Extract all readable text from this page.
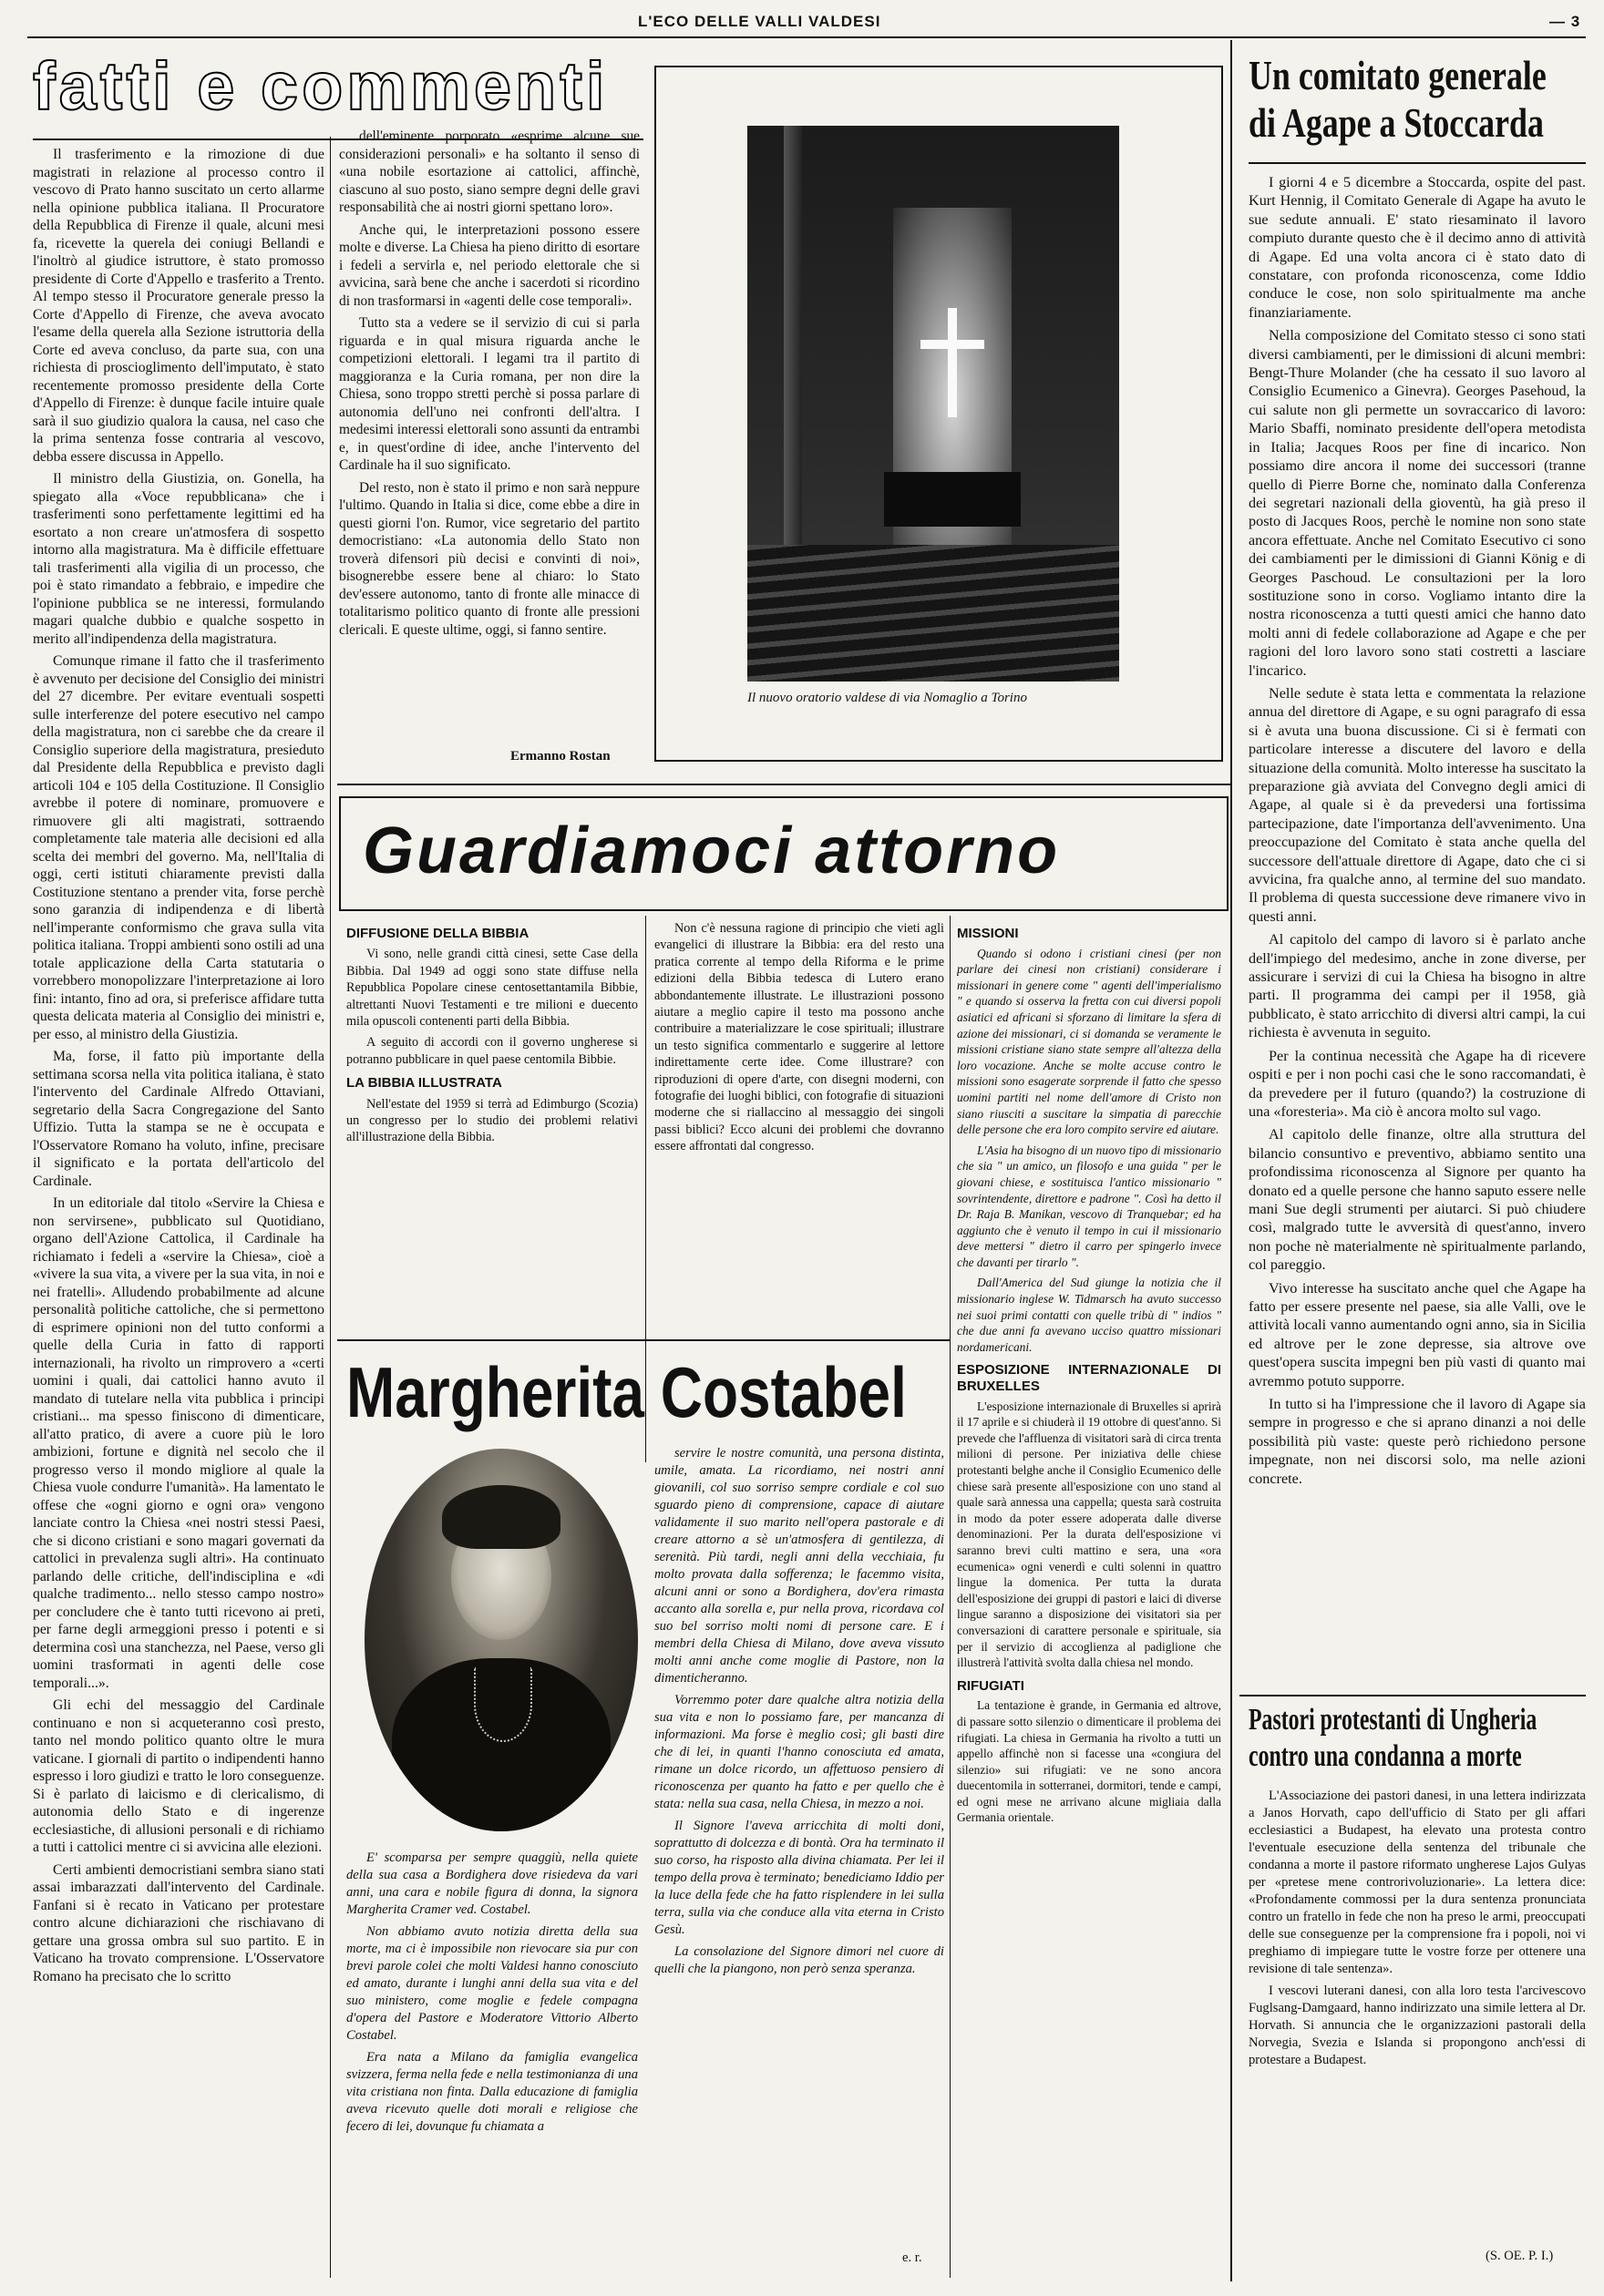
L'ECO DELLE VALLI VALDESI	— 3
fatti e commenti

Il trasferimento e la rimozione di due magistrati in relazione al processo contro il vescovo di Prato hanno suscitato un certo allarme nella opinione pubblica italiana. Il Procuratore della Repubblica di Firenze il quale, alcuni mesi fa, ricevette la querela dei coniugi Bellandi e l'inoltrò al giudice istruttore, è stato promosso presidente di Corte d'Appello e trasferito a Trento. Al tempo stesso il Procuratore generale presso la Corte d'Appello di Firenze, che aveva avocato l'esame della querela alla Sezione istruttoria della Corte ed aveva concluso, da parte sua, con una richiesta di proscioglimento dell'imputato, è stato recentemente promosso presidente della Corte d'Appello di Firenze: è dunque facile intuire quale sarà il suo giudizio qualora la causa, nel caso che la prima sentenza fosse contraria al vescovo, debba essere discussa in Appello.

Il ministro della Giustizia, on. Gonella, ha spiegato alla «Voce repubblicana» che i trasferimenti sono perfettamente legittimi ed ha esortato a non creare un'atmosfera di sospetto intorno alla magistratura. Ma è difficile effettuare tali trasferimenti alla vigilia di un processo, che poi è stato rimandato a febbraio, e impedire che l'opinione pubblica se ne interessi, formulando magari qualche dubbio e qualche sospetto in merito all'indipendenza della magistratura.

Comunque rimane il fatto che il trasferimento è avvenuto per decisione del Consiglio dei ministri del 27 dicembre. Per evitare eventuali sospetti sulle interferenze del potere esecutivo nel campo della magistratura, non ci sarebbe che da creare il Consiglio superiore della magistratura, presieduto dal Presidente della Repubblica e previsto dagli articoli 104 e 105 della Costituzione. Il Consiglio avrebbe il potere di nominare, promuovere e rimuovere gli alti magistrati, sottraendo completamente tale materia alle decisioni ed alla scelta dei membri del governo. Ma, nell'Italia di oggi, certi istituti chiaramente previsti dalla Costituzione stentano a prender vita, forse perchè sono garanzia di indipendenza e di libertà nell'imperante conformismo che grava sulla vita politica italiana. Troppi ambienti sono ostili ad una totale applicazione della Carta statutaria o vorrebbero monopolizzare l'interpretazione ai loro fini: intanto, fino ad ora, si preferisce affidare tutta questa delicata materia al Consiglio dei ministri e, per esso, al ministro della Giustizia.

Ma, forse, il fatto più importante della settimana scorsa nella vita politica italiana, è stato l'intervento del Cardinale Alfredo Ottaviani, segretario della Sacra Congregazione del Santo Uffizio. Tutta la stampa se ne è occupata e l'Osservatore Romano ha voluto, infine, precisare il significato e la portata dell'articolo del Cardinale.

In un editoriale dal titolo «Servire la Chiesa e non servirsene», pubblicato sul Quotidiano, organo dell'Azione Cattolica, il Cardinale ha richiamato i fedeli a «servire la Chiesa», cioè a «vivere la sua vita, a vivere per la sua vita, in noi e nei fratelli». Alludendo probabilmente ad alcune personalità politiche cattoliche, che si permettono di esprimere opinioni non del tutto conformi a quelle della Curia in fatto di rapporti internazionali, ha rivolto un rimprovero a «certi uomini i quali, dai cattolici hanno avuto il mandato di tutelare nella vita pubblica i principi cristiani... ma spesso finiscono di dimenticare, all'atto pratico, di avere a cuore più le loro ambizioni, fortune e dignità nel secolo che il progresso verso il mondo migliore al quale la Chiesa vuole condurre l'umanità». Ha lamentato le offese che «ogni giorno e ogni ora» vengono lanciate contro la Chiesa «nei nostri stessi Paesi, che si dicono cristiani e sono magari governati da cattolici in prevalenza sugli altri». Ha continuato parlando delle critiche, dell'indisciplina e «di qualche tradimento... nello stesso campo nostro» per concludere che è tanto tutti ricevono ai preti, per farne degli armeggioni presso i potenti e si determina così una stanchezza, nel Paese, verso gli uomini trasformati in agenti delle cose temporali...».

Gli echi del messaggio del Cardinale continuano e non si acqueteranno così presto, tanto nel mondo politico quanto oltre le mura vaticane. I giornali di partito o indipendenti hanno espresso i loro giudizi e tratto le loro conseguenze. Si è parlato di laicismo e di clericalismo, di autonomia dello Stato e di ingerenze ecclesiastiche, di allusioni personali e di richiamo a tutti i cattolici mentre ci si avvicina alle elezioni.

Certi ambienti democristiani sembra siano stati assai imbarazzati dall'intervento del Cardinale. Fanfani si è recato in Vaticano per protestare contro alcune dichiarazioni che rischiavano di gettare una grossa ombra sul suo partito. E in Vaticano ha trovato comprensione. L'Osservatore Romano ha precisato che lo scritto

dell'eminente porporato «esprime alcune sue considerazioni personali» e ha soltanto il senso di «una nobile esortazione ai cattolici, affinchè, ciascuno al suo posto, siano sempre degni delle gravi responsabilità che ai nostri giorni spettano loro».

Anche qui, le interpretazioni possono essere molte e diverse. La Chiesa ha pieno diritto di esortare i fedeli a servirla e, nel periodo elettorale che si avvicina, sarà bene che anche i sacerdoti si ricordino di non trasformarsi in «agenti delle cose temporali».

Tutto sta a vedere se il servizio di cui si parla riguarda e in qual misura riguarda anche le competizioni elettorali. I legami tra il partito di maggioranza e la Curia romana, per non dire la Chiesa, sono troppo stretti perchè si possa parlare di autonomia dell'uno nei confronti dell'altra. I medesimi interessi elettorali sono assunti da entrambi e, in quest'ordine di idee, anche l'intervento del Cardinale ha il suo significato.

Del resto, non è stato il primo e non sarà neppure l'ultimo. Quando in Italia si dice, come ebbe a dire in questi giorni l'on. Rumor, vice segretario del partito democristiano: «La autonomia dello Stato non troverà difensori più decisi e convinti di noi», bisognerebbe essere bene al chiaro: lo Stato dev'essere autonomo, tanto di fronte alle minacce di totalitarismo politico quanto di fronte alle pressioni clericali. E queste ultime, oggi, si fanno sentire.

Ermanno Rostan
Il nuovo oratorio valdese di via Nomaglio a Torino
Un comitato generale
di Agape a Stoccarda

I giorni 4 e 5 dicembre a Stoccarda, ospite del past. Kurt Hennig, il Comitato Generale di Agape ha avuto le sue sedute annuali. E' stato riesaminato il lavoro compiuto durante questo che è il decimo anno di attività di Agape. Ed una volta ancora ci è stato dato di constatare, con profonda riconoscenza, come Iddio conduce le cose, non solo spiritualmente ma anche finanziariamente.

Nella composizione del Comitato stesso ci sono stati diversi cambiamenti, per le dimissioni di alcuni membri: Bengt-Thure Molander (che ha cessato il suo lavoro al Consiglio Ecumenico a Ginevra). Georges Pasehoud, la cui salute non gli permette un sovraccarico di lavoro: Mario Sbaffi, nominato presidente dell'opera metodista in Italia; Jacques Roos per fine di incarico. Non possiamo dire ancora il nome dei successori (tranne quello di Pierre Borne che, nominato dalla Conferenza dei segretari nazionali della gioventù, ha già preso il posto di Jacques Roos, perchè le nomine non sono state ancora effettuate. Anche nel Comitato Esecutivo ci sono dei cambiamenti per le dimissioni di Gianni König e di Georges Paschoud. Le consultazioni per la loro sostituzione sono in corso. Vogliamo intanto dire la nostra riconoscenza a tutti questi amici che hanno dato molti anni di fedele collaborazione ad Agape e che per ragioni del loro lavoro sono stati costretti a lasciare l'incarico.

Nelle sedute è stata letta e commentata la relazione annua del direttore di Agape, e su ogni paragrafo di essa si è avuta una buona discussione. Ci si è fermati con particolare interesse a discutere del lavoro e della situazione della comunità. Molto interesse ha suscitato la preparazione già avviata del Convegno degli amici di Agape, al quale si è da prevedersi una fortissima partecipazione, date l'importanza dell'avvenimento. Una preoccupazione del Comitato è stata anche quella del successore dell'attuale direttore di Agape, dato che ci si avvicina, fra qualche anno, al termine del suo mandato. Il problema di questa successione deve rimanere vivo in questi anni.

Al capitolo del campo di lavoro si è parlato anche dell'impiego del medesimo, anche in zone diverse, per assicurare i servizi di cui la Chiesa ha bisogno in altre parti. Il programma dei campi per il 1958, già pubblicato, è stato arricchito di diversi altri campi, la cui richiesta è avvenuta in seguito.

Per la continua necessità che Agape ha di ricevere ospiti e per i non pochi casi che le sono raccomandati, è da prevedere per il futuro (quando?) la costruzione di una «foresteria». Ma ciò è ancora molto sul vago.

Al capitolo delle finanze, oltre alla struttura del bilancio consuntivo e preventivo, abbiamo sentito una profondissima riconoscenza al Signore per quanto ha donato ed a quelle persone che hanno saputo essere nelle mani Sue degli strumenti per aiutarci. Si può chiudere così, malgrado tutte le avversità di quest'anno, invero non poche nè materialmente nè spiritualmente parlando, col pareggio.

Vivo interesse ha suscitato anche quel che Agape ha fatto per essere presente nel paese, sia alle Valli, ove le attività locali vanno aumentando ogni anno, sia in Sicilia ed altrove per le zone depresse, sia altrove ove quest'opera suscita impegni ben più vasti di quanto mai avremmo potuto supporre.

In tutto si ha l'impressione che il lavoro di Agape sia sempre in progresso e che si aprano dinanzi a noi delle possibilità più vaste: queste però richiedono persone impegnate, non nei discorsi solo, ma nelle azioni concrete.

Pastori protestanti di Ungheria
contro una condanna a morte

L'Associazione dei pastori danesi, in una lettera indirizzata a Janos Horvath, capo dell'ufficio di Stato per gli affari ecclesiastici a Budapest, ha elevato una protesta contro l'eventuale esecuzione della sentenza del tribunale che condanna a morte il pastore riformato ungherese Lajos Gulyas per «pretese mene controrivoluzionarie». La lettera dice: «Profondamente commossi per la dura sentenza pronunciata contro un fratello in fede che non ha preso le armi, preoccupati delle sue conseguenze per la comprensione fra i popoli, noi vi preghiamo di impiegare tutte le vostre forze per ottenere una revisione di tale sentenza».

I vescovi luterani danesi, con alla loro testa l'arcivescovo Fuglsang-Damgaard, hanno indirizzato una simile lettera al Dr. Horvath. Si annuncia che le organizzazioni pastorali della Norvegia, Svezia e Islanda si propongono anch'essi di protestare a Budapest.

(S. OE. P. I.)
Guardiamoci attorno
DIFFUSIONE DELLA BIBBIA

Vi sono, nelle grandi città cinesi, sette Case della Bibbia. Dal 1949 ad oggi sono state diffuse nella Repubblica Popolare cinese centosettantamila Bibbie, altrettanti Nuovi Testamenti e tre milioni e duecento mila opuscoli contenenti parti della Bibbia.

A seguito di accordi con il governo ungherese si potranno pubblicare in quel paese centomila Bibbie.

LA BIBBIA ILLUSTRATA

Nell'estate del 1959 si terrà ad Edimburgo (Scozia) un congresso per lo studio dei problemi relativi all'illustrazione della Bibbia.

Non c'è nessuna ragione di principio che vieti agli evangelici di illustrare la Bibbia: era del resto una pratica corrente al tempo della Riforma e le prime edizioni della Bibbia tedesca di Lutero erano abbondantemente illustrate. Le illustrazioni possono aiutare a meglio capire il testo ma possono anche contribuire a materializzare le cose spirituali; illustrare un testo significa commentarlo e suggerire al lettore indirettamente certe idee. Come illustrare? con riproduzioni di opere d'arte, con disegni moderni, con fotografie dei luoghi biblici, con fotografie di situazioni moderne che si riallaccino al messaggio dei singoli passi biblici? Ecco alcuni dei problemi che dovranno essere affrontati dal congresso.

MISSIONI

Quando si odono i cristiani cinesi (per non parlare dei cinesi non cristiani) considerare i missionari in genere come " agenti dell'imperialismo " e quando si osserva la fretta con cui diversi popoli asiatici ed africani si sforzano di limitare la sfera di azione dei missionari, ci si domanda se veramente le missioni cristiane siano state sempre all'altezza della loro vocazione. Anche se molte accuse contro le missioni sono esagerate sorprende il fatto che spesso uomini partiti nel nome dell'amore di Cristo non siano riusciti a suscitare la simpatia di parecchie delle persone che era loro compito servire ed aiutare.

L'Asia ha bisogno di un nuovo tipo di missionario che sia " un amico, un filosofo e una guida " per le giovani chiese, e sostituisca l'antico missionario " sovrintendente, direttore e padrone ". Così ha detto il Dr. Raja B. Manikan, vescovo di Tranquebar; ed ha aggiunto che è venuto il tempo in cui il missionario deve mettersi " dietro il carro per spingerlo invece che davanti per tirarlo ".

Dall'America del Sud giunge la notizia che il missionario inglese W. Tidmarsch ha avuto successo nei suoi primi contatti con quelle tribù di " indios " che due anni fa avevano ucciso quattro missionari nordamericani.

ESPOSIZIONE INTERNAZIONALE DI BRUXELLES

L'esposizione internazionale di Bruxelles si aprirà il 17 aprile e si chiuderà il 19 ottobre di quest'anno. Si prevede che l'affluenza di visitatori sarà di circa trenta milioni di persone. Per iniziativa delle chiese protestanti belghe anche il Consiglio Ecumenico delle chiese sarà presente all'esposizione con uno stand al quale sarà annessa una cappella; questa sarà costruita in modo da poter essere adoperata dalle diverse denominazioni. Per la durata dell'esposizione vi saranno brevi culti mattino e sera, una «ora ecumenica» ogni venerdì e culti solenni in quattro lingue la domenica. Per tutta la durata dell'esposizione dei gruppi di pastori e laici di diverse lingue saranno a disposizione dei visitatori sia per conversazioni di carattere personale e spirituale, sia per il servizio di accoglienza al padiglione che illustrerà l'attività svolta dalla chiesa nel mondo.

RIFUGIATI

La tentazione è grande, in Germania ed altrove, di passare sotto silenzio o dimenticare il problema dei rifugiati. La chiesa in Germania ha rivolto a tutti un appello affinchè non si facesse una «congiura del silenzio» sui rifugiati: ve ne sono ancora duecentomila in sotterranei, dormitori, tende e campi, ed ogni mese ne arrivano alcune migliaia dalla Germania orientale.

Margherita Costabel

E' scomparsa per sempre quaggiù, nella quiete della sua casa a Bordighera dove risiedeva da vari anni, una cara e nobile figura di donna, la signora Margherita Cramer ved. Costabel.

Non abbiamo avuto notizia diretta della sua morte, ma ci è impossibile non rievocare sia pur con brevi parole colei che molti Valdesi hanno conosciuto ed amato, durante i lunghi anni della sua vita e del suo ministero, come moglie e fedele compagna d'opera del Pastore e Moderatore Vittorio Alberto Costabel.

Era nata a Milano da famiglia evangelica svizzera, ferma nella fede e nella testimonianza di una vita cristiana non finta. Dalla educazione di famiglia aveva ricevuto quelle doti morali e religiose che fecero di lei, dovunque fu chiamata a

servire le nostre comunità, una persona distinta, umile, amata. La ricordiamo, nei nostri anni giovanili, col suo sorriso sempre cordiale e col suo sguardo pieno di comprensione, capace di aiutare validamente il suo marito nell'opera pastorale e di creare attorno a sè un'atmosfera di gentilezza, di serenità. Più tardi, negli anni della vecchiaia, fu molto provata dalla sofferenza; le facemmo visita, alcuni anni or sono a Bordighera, dov'era rimasta accanto alla sorella e, pur nella prova, ricordava col suo bel sorriso molti nomi di persone care. E i membri della Chiesa di Milano, dove aveva vissuto molti anni anche come moglie di Pastore, non la dimenticheranno.

Vorremmo poter dare qualche altra notizia della sua vita e non lo possiamo fare, per mancanza di informazioni. Ma forse è meglio così; gli basti dire che di lei, in quanti l'hanno conosciuta ed amata, rimane un dolce ricordo, un affettuoso pensiero di riconoscenza per quanto ha fatto e per quello che è stata: nella sua casa, nella Chiesa, in mezzo a noi.

Il Signore l'aveva arricchita di molti doni, soprattutto di dolcezza e di bontà. Ora ha terminato il suo corso, ha risposto alla divina chiamata. Per lei il tempo della prova è terminato; benediciamo Iddio per la luce della fede che ha fatto risplendere in lei sulla terra, sulla via che conduce alla vita eterna in Cristo Gesù.

La consolazione del Signore dimori nel cuore di quelli che la piangono, non però senza speranza.

e. r.
